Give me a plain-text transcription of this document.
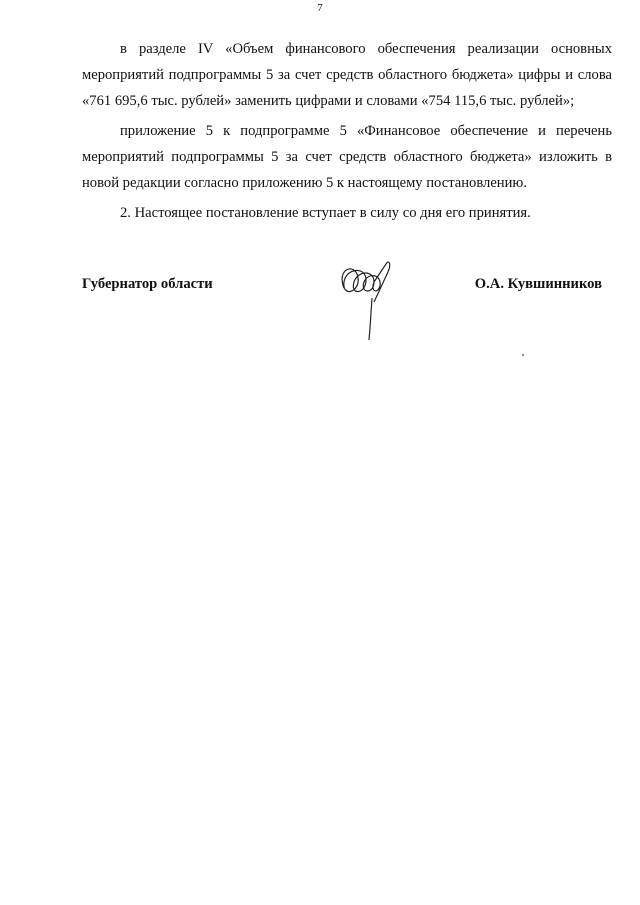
7

в разделе IV «Объем финансового обеспечения реализации основных мероприятий подпрограммы 5 за счет средств областного бюджета» цифры и слова «761 695,6 тыс. рублей» заменить цифрами и словами «754 115,6 тыс. рублей»;

приложение 5 к подпрограмме 5 «Финансовое обеспечение и перечень мероприятий подпрограммы 5 за счет средств областного бюджета» изложить в новой редакции согласно приложению 5 к настоящему постановлению.

2. Настоящее постановление вступает в силу со дня его принятия.

Губернатор области	О.А. Кувшинников
